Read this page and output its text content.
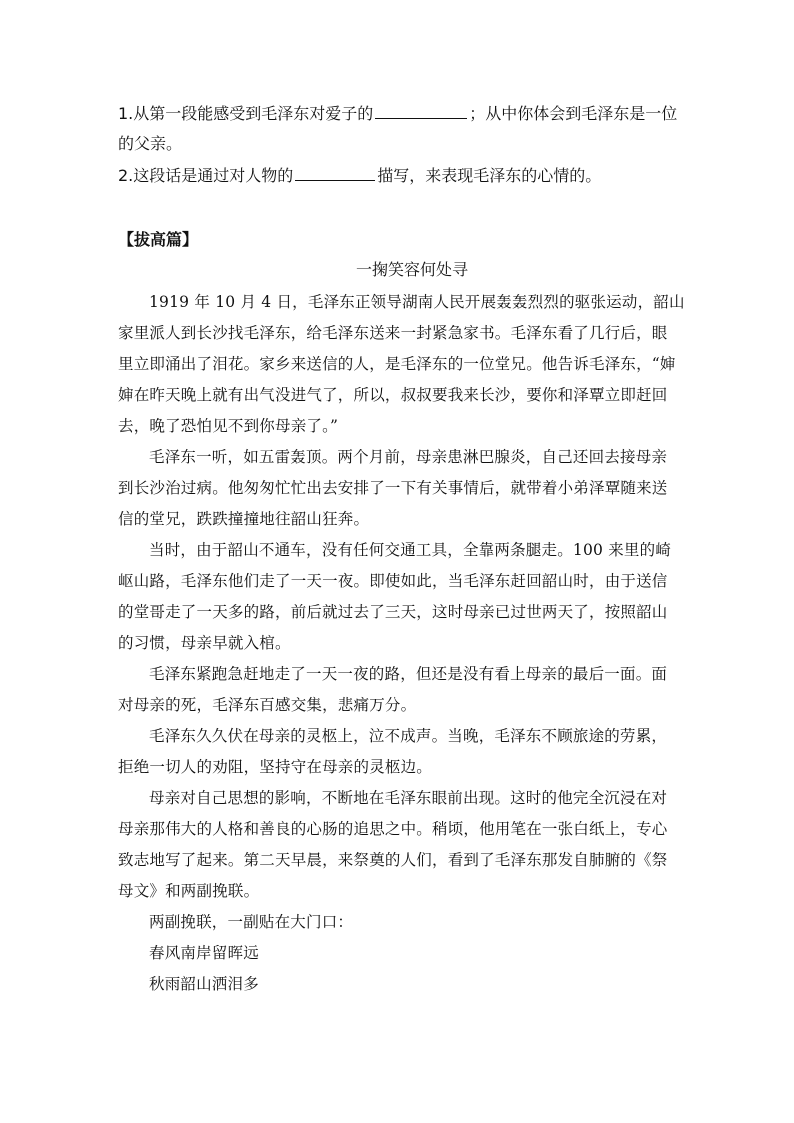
1.从第一段能感受到毛泽东对爱子的	；从中你体会到毛泽东是一位
的父亲。
2.这段话是通过对人物的	描写，来表现毛泽东的心情的。
【拔高篇】
一掬笑容何处寻
1919 年 10 月 4 日，毛泽东正领导湖南人民开展轰轰烈烈的驱张运动，韶山
家里派人到长沙找毛泽东，给毛泽东送来一封紧急家书。毛泽东看了几行后，眼
里立即涌出了泪花。家乡来送信的人，是毛泽东的一位堂兄。他告诉毛泽东，“婶
婶在昨天晚上就有出气没进气了，所以，叔叔要我来长沙，要你和泽覃立即赶回
去，晚了恐怕见不到你母亲了。”
毛泽东一听，如五雷轰顶。两个月前，母亲患淋巴腺炎，自己还回去接母亲
到长沙治过病。他匆匆忙忙出去安排了一下有关事情后，就带着小弟泽覃随来送
信的堂兄，跌跌撞撞地往韶山狂奔。
当时，由于韶山不通车，没有任何交通工具，全靠两条腿走。100 来里的崎
岖山路，毛泽东他们走了一天一夜。即使如此，当毛泽东赶回韶山时，由于送信
的堂哥走了一天多的路，前后就过去了三天，这时母亲已过世两天了，按照韶山
的习惯，母亲早就入棺。
毛泽东紧跑急赶地走了一天一夜的路，但还是没有看上母亲的最后一面。面
对母亲的死，毛泽东百感交集，悲痛万分。
毛泽东久久伏在母亲的灵柩上，泣不成声。当晚，毛泽东不顾旅途的劳累，
拒绝一切人的劝阻，坚持守在母亲的灵柩边。
母亲对自己思想的影响，不断地在毛泽东眼前出现。这时的他完全沉浸在对
母亲那伟大的人格和善良的心肠的追思之中。稍顷，他用笔在一张白纸上，专心
致志地写了起来。第二天早晨，来祭奠的人们，看到了毛泽东那发自肺腑的《祭
母文》和两副挽联。
两副挽联，一副贴在大门口：
春风南岸留晖远
秋雨韶山洒泪多
